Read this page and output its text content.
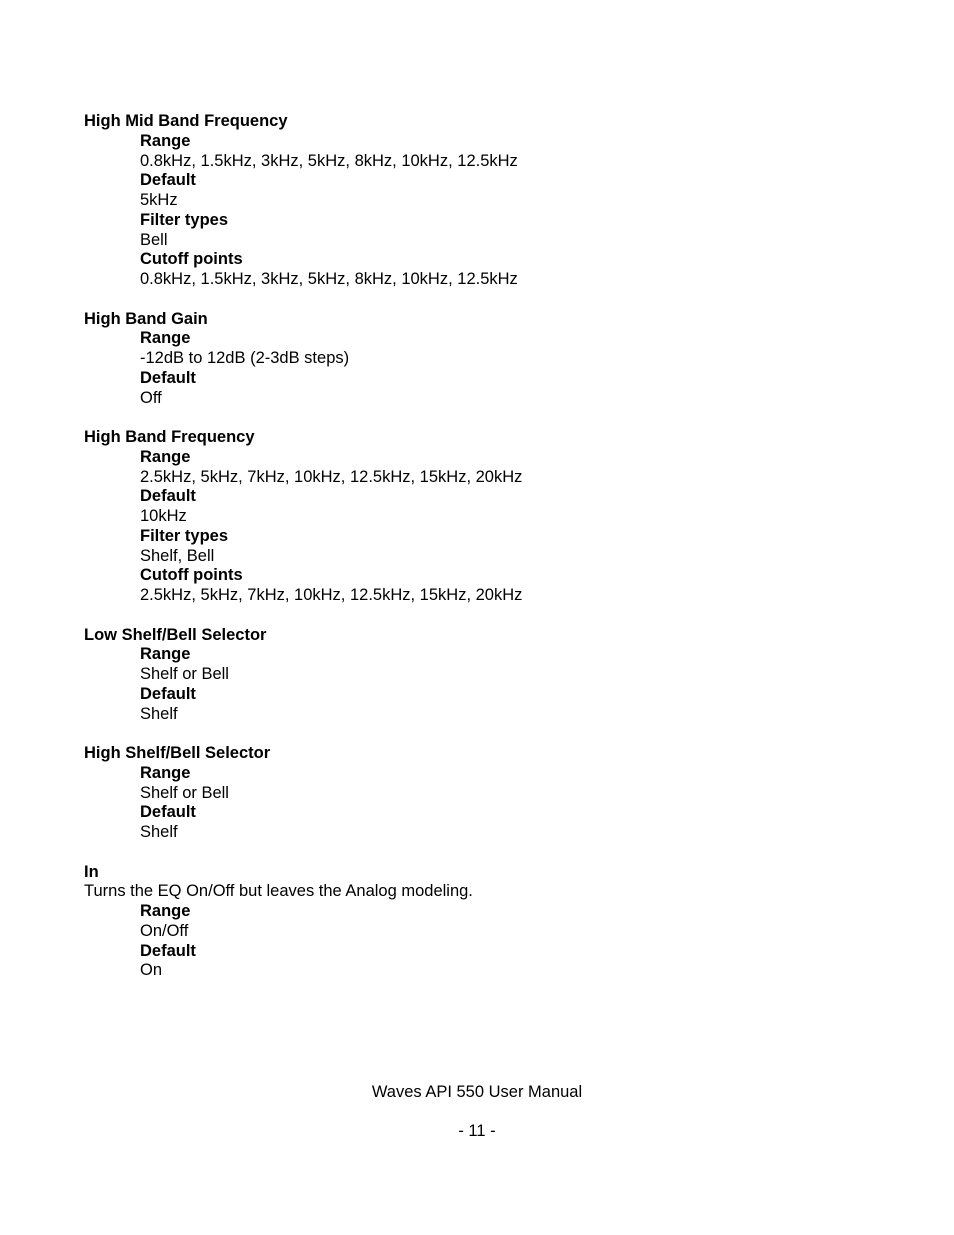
High Mid Band Frequency
Range
0.8kHz, 1.5kHz, 3kHz, 5kHz, 8kHz, 10kHz, 12.5kHz
Default
5kHz
Filter types
Bell
Cutoff points
0.8kHz, 1.5kHz, 3kHz, 5kHz, 8kHz, 10kHz, 12.5kHz
High Band Gain
Range
-12dB to 12dB (2-3dB steps)
Default
Off
High Band Frequency
Range
2.5kHz, 5kHz, 7kHz, 10kHz, 12.5kHz, 15kHz, 20kHz
Default
10kHz
Filter types
Shelf, Bell
Cutoff points
2.5kHz, 5kHz, 7kHz, 10kHz, 12.5kHz, 15kHz, 20kHz
Low Shelf/Bell Selector
Range
Shelf or Bell
Default
Shelf
High Shelf/Bell Selector
Range
Shelf or Bell
Default
Shelf
In
Turns the EQ On/Off but leaves the Analog modeling.
Range
On/Off
Default
On
Waves API 550 User Manual
- 11 -
